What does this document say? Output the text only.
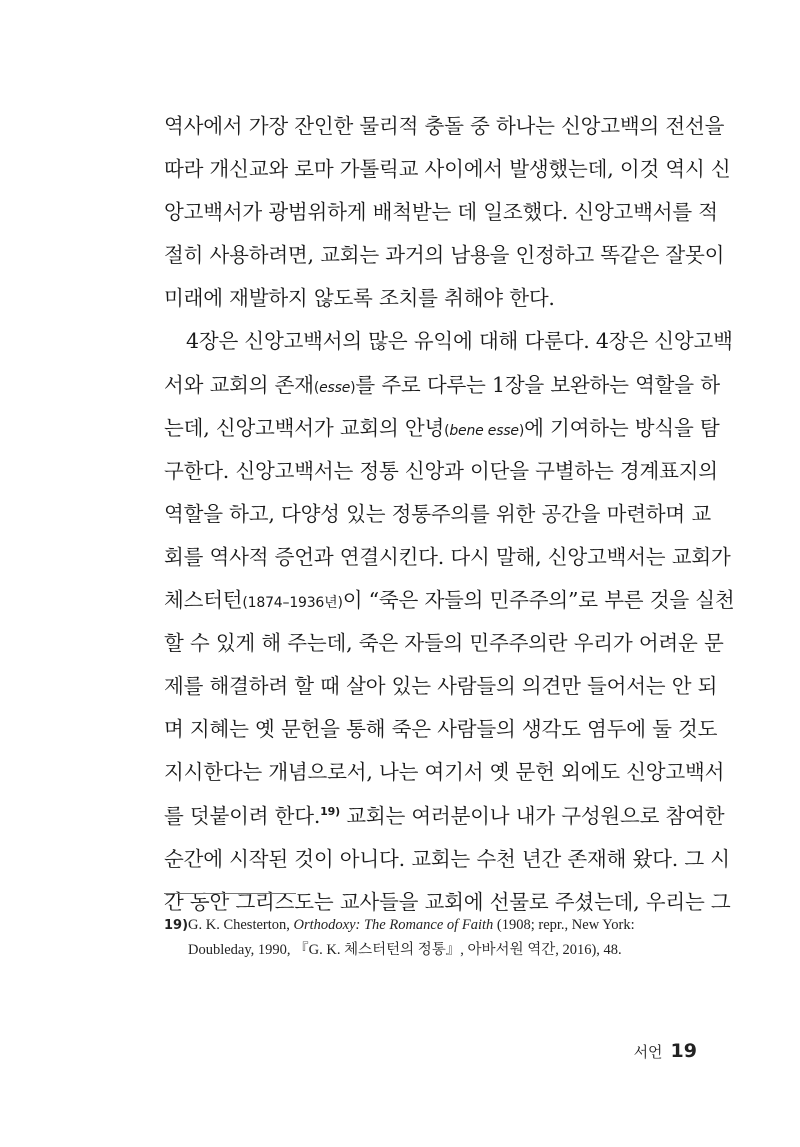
역사에서 가장 잔인한 물리적 충돌 중 하나는 신앙고백의 전선을
따라 개신교와 로마 가톨릭교 사이에서 발생했는데, 이것 역시 신
앙고백서가 광범위하게 배척받는 데 일조했다. 신앙고백서를 적
절히 사용하려면, 교회는 과거의 남용을 인정하고 똑같은 잘못이
미래에 재발하지 않도록 조치를 취해야 한다.
4장은 신앙고백서의 많은 유익에 대해 다룬다. 4장은 신앙고백
서와 교회의 존재(esse)를 주로 다루는 1장을 보완하는 역할을 하
는데, 신앙고백서가 교회의 안녕(bene esse)에 기여하는 방식을 탐
구한다. 신앙고백서는 정통 신앙과 이단을 구별하는 경계표지의
역할을 하고, 다양성 있는 정통주의를 위한 공간을 마련하며 교
회를 역사적 증언과 연결시킨다. 다시 말해, 신앙고백서는 교회가
체스터턴(1874–1936년)이 “죽은 자들의 민주주의”로 부른 것을 실천
할 수 있게 해 주는데, 죽은 자들의 민주주의란 우리가 어려운 문
제를 해결하려 할 때 살아 있는 사람들의 의견만 들어서는 안 되
며 지혜는 옛 문헌을 통해 죽은 사람들의 생각도 염두에 둘 것도
지시한다는 개념으로서, 나는 여기서 옛 문헌 외에도 신앙고백서
를 덧붙이려 한다.$^{19)}$ 교회는 여러분이나 내가 구성원으로 참여한
순간에 시작된 것이 아니다. 교회는 수천 년간 존재해 왔다. 그 시
간 동안 그리스도는 교사들을 교회에 선물로 주셨는데, 우리는 그
19)G. K. Chesterton, Orthodoxy: The Romance of Faith (1908; repr., New York:
Doubleday, 1990, 『G. K. 체스터턴의 정통』, 아바서원 역간, 2016), 48.
서언 19
